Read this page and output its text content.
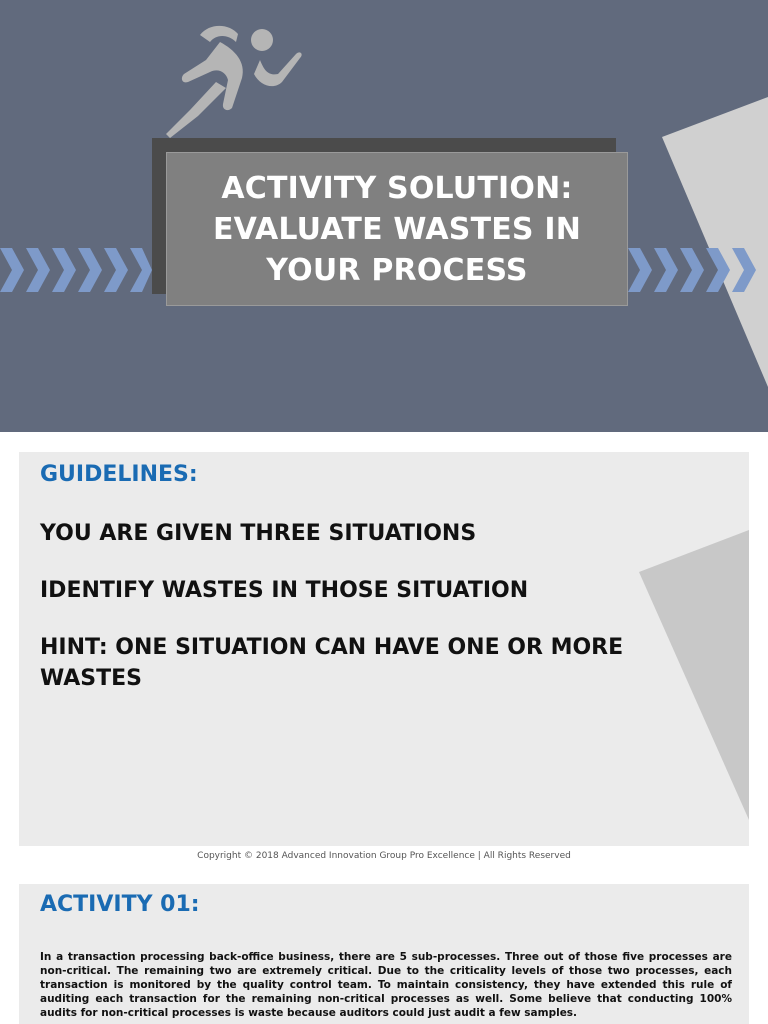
ACTIVITY SOLUTION:
EVALUATE WASTES IN
YOUR PROCESS
GUIDELINES:

YOU ARE GIVEN THREE SITUATIONS

IDENTIFY WASTES IN THOSE SITUATION

HINT: ONE SITUATION CAN HAVE ONE OR MORE WASTES

Copyright © 2018 Advanced Innovation Group Pro Excellence | All Rights Reserved
ACTIVITY 01:

In a transaction processing back-office business, there are 5 sub-processes. Three out of those five processes are non-critical. The remaining two are extremely critical. Due to the criticality levels of those two processes, each transaction is monitored by the quality control team. To maintain consistency, they have extended this rule of auditing each transaction for the remaining non-critical processes as well. Some believe that conducting 100% audits for non-critical processes is waste because auditors could just audit a few samples.
